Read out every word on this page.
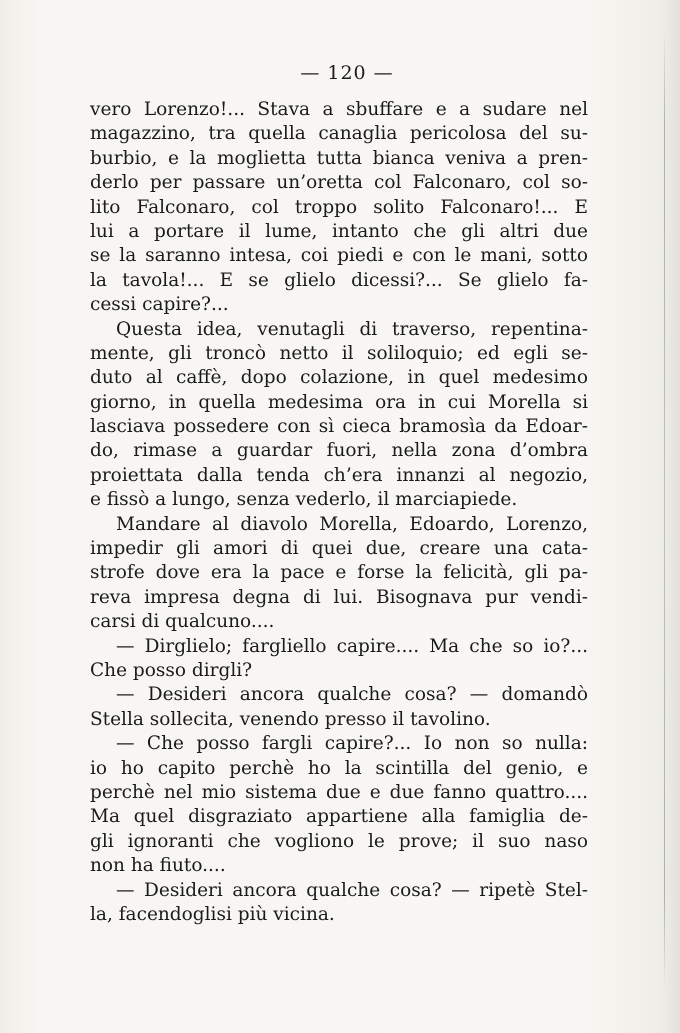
— 120 —
vero Lorenzo!... Stava a sbuffare e a sudare nel
magazzino, tra quella canaglia pericolosa del su-
burbio, e la moglietta tutta bianca veniva a pren-
derlo per passare un’oretta col Falconaro, col so-
lito Falconaro, col troppo solito Falconaro!... E
lui a portare il lume, intanto che gli altri due
se la saranno intesa, coi piedi e con le mani, sotto
la tavola!... E se glielo dicessi?... Se glielo fa-
cessi capire?...
Questa idea, venutagli di traverso, repentina-
mente, gli troncò netto il soliloquio; ed egli se-
duto al caffè, dopo colazione, in quel medesimo
giorno, in quella medesima ora in cui Morella si
lasciava possedere con sì cieca bramosìa da Edoar-
do, rimase a guardar fuori, nella zona d’ombra
proiettata dalla tenda ch’era innanzi al negozio,
e fissò a lungo, senza vederlo, il marciapiede.
Mandare al diavolo Morella, Edoardo, Lorenzo,
impedir gli amori di quei due, creare una cata-
strofe dove era la pace e forse la felicità, gli pa-
reva impresa degna di lui. Bisognava pur vendi-
carsi di qualcuno....
— Dirglielo; fargliello capire.... Ma che so io?...
Che posso dirgli?
— Desideri ancora qualche cosa? — domandò
Stella sollecita, venendo presso il tavolino.
— Che posso fargli capire?... Io non so nulla:
io ho capito perchè ho la scintilla del genio, e
perchè nel mio sistema due e due fanno quattro....
Ma quel disgraziato appartiene alla famiglia de-
gli ignoranti che vogliono le prove; il suo naso
non ha fiuto....
— Desideri ancora qualche cosa? — ripetè Stel-
la, facendoglisi più vicina.
